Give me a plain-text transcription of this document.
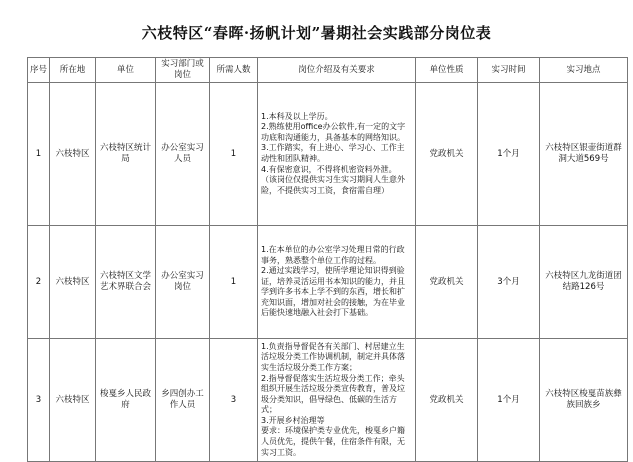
六枝特区“春晖·扬帆计划”暑期社会实践部分岗位表
序号	所在地	单位	实习部门或岗位	所需人数	岗位介绍及有关要求	单位性质	实习时间	实习地点
1	六枝特区	六枝特区统计局	办公室实习人员	1	1.本科及以上学历。
2.熟练使用office办公软件,有一定的文字功底和沟通能力，具备基本的网络知识。
3.工作踏实，有上进心、学习心、工作主动性和团队精神。
4.有保密意识，不得将机密资料外泄。
（该岗位仅提供实习生实习期间人生意外险，不提供实习工资，食宿需自理）	党政机关	1个月	六枝特区银壶街道群洞大道569号
2	六枝特区	六枝特区文学艺术界联合会	办公室实习岗位	1	1.在本单位的办公室学习处理日常的行政事务，熟悉整个单位工作的过程。
2.通过实践学习，使所学理论知识得到验证，培养灵活运用书本知识的能力，并且学到许多书本上学不到的东西，增长和扩充知识面，增加对社会的接触，为在毕业后能快速地融入社会打下基础。	党政机关	3个月	六枝特区九龙街道团结路126号
3	六枝特区	梭戛乡人民政府	乡四创办工作人员	3	1.负责指导督促各有关部门、村居建立生活垃圾分类工作协调机制，制定并具体落实生活垃圾分类工作方案；
2.指导督促落实生活垃圾分类工作；牵头组织开展生活垃圾分类宣传教育，普及垃圾分类知识，倡导绿色、低碳的生活方式；
3.开展乡村治理等
要求：环境保护类专业优先，梭戛乡户籍人员优先，提供午餐，住宿条件有限，无实习工资。	党政机关	1个月	六枝特区梭戛苗族彝族回族乡
